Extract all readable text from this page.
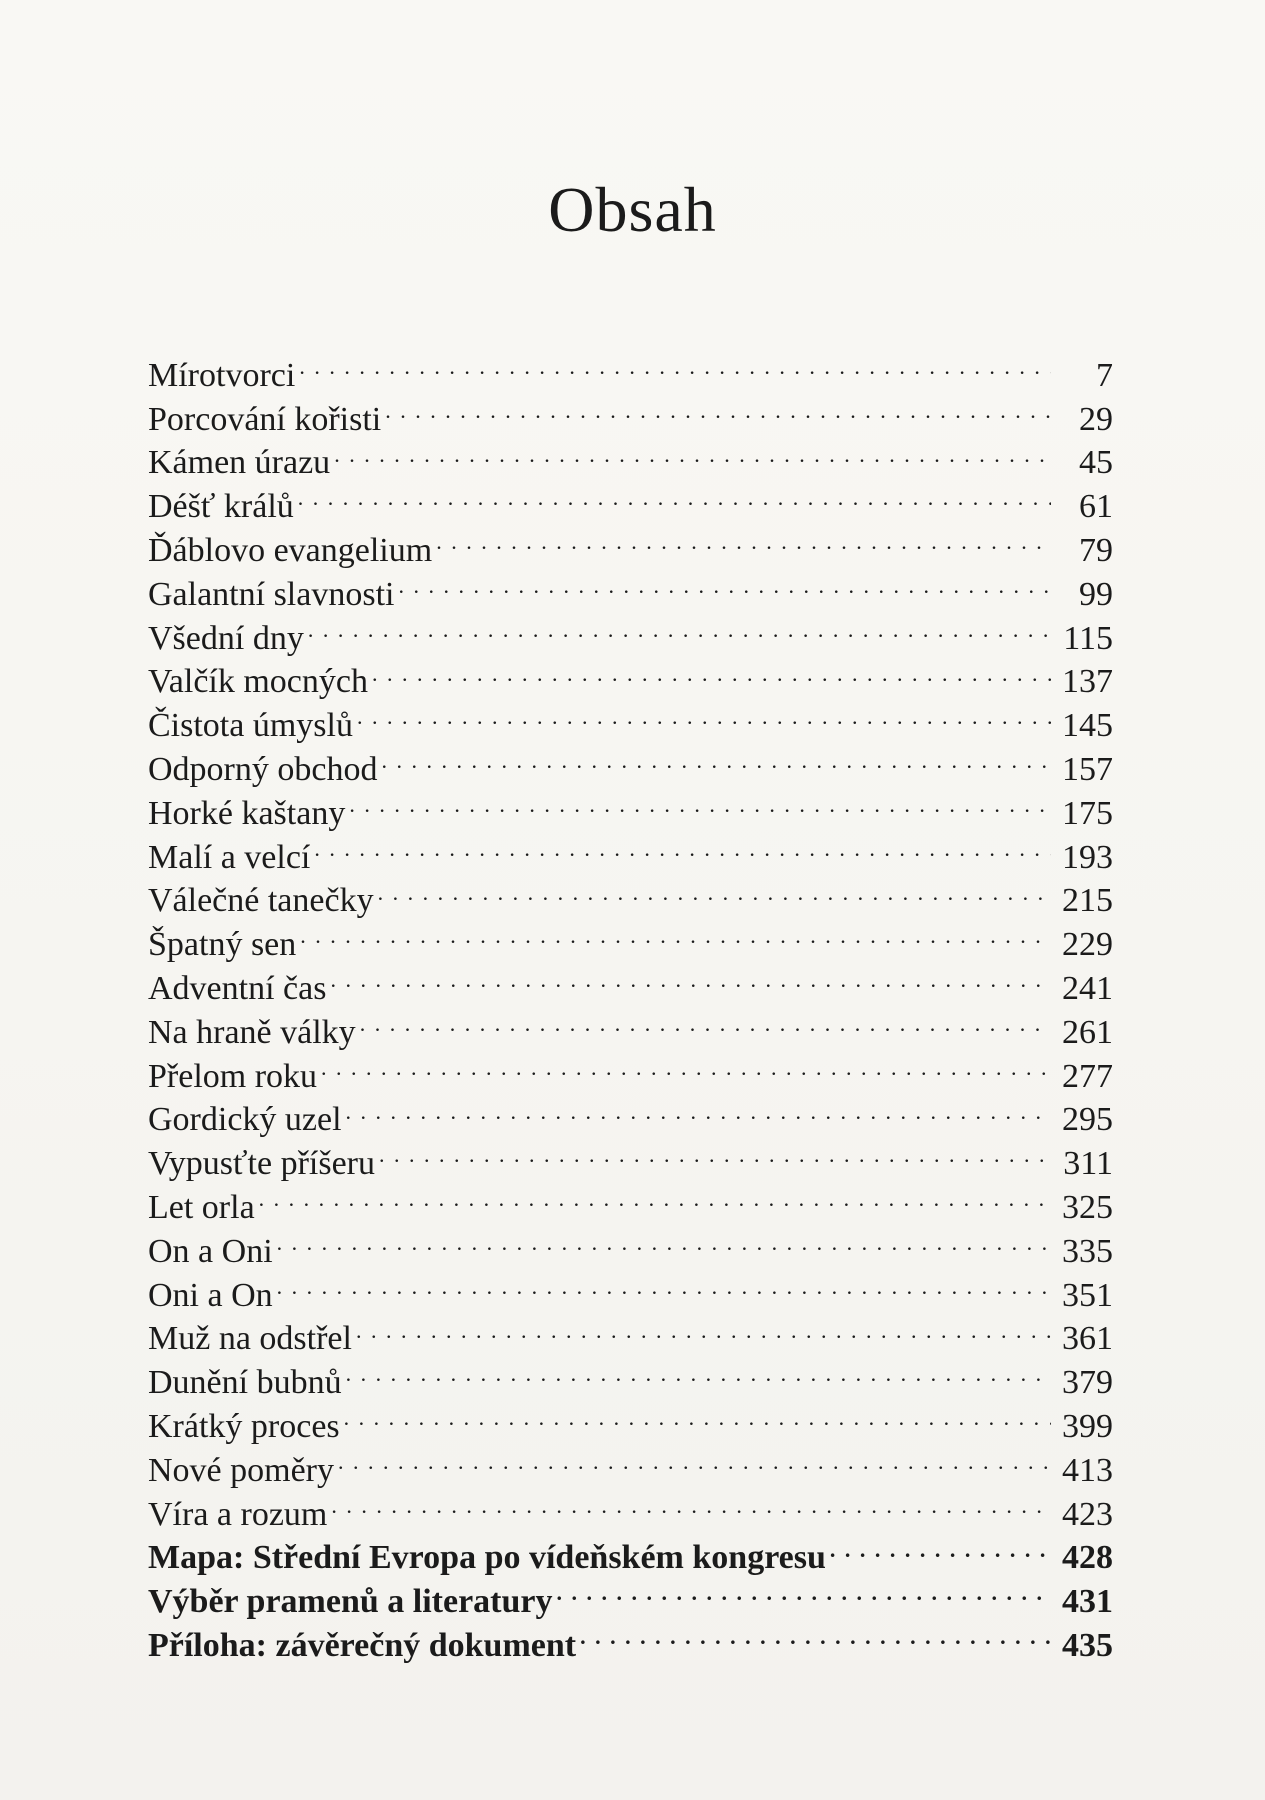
Obsah
Mírotvorci . . .	7
Porcování kořisti . . .	29
Kámen úrazu . . .	45
Déšť králů . . .	61
Ďáblovo evangelium . . .	79
Galantní slavnosti . . .	99
Všední dny . . .	115
Valčík mocných . . .	137
Čistota úmyslů . . .	145
Odporný obchod . . .	157
Horké kaštany . . .	175
Malí a velcí . . .	193
Válečné tanečky . . .	215
Špatný sen . . .	229
Adventní čas . . .	241
Na hraně války . . .	261
Přelom roku . . .	277
Gordický uzel . . .	295
Vypusťte příšeru . . .	311
Let orla . . .	325
On a Oni . . .	335
Oni a On . . .	351
Muž na odstřel . . .	361
Dunění bubnů . . .	379
Krátký proces . . .	399
Nové poměry . . .	413
Víra a rozum . . .	423
Mapa: Střední Evropa po vídeňském kongresu . . .	428
Výběr pramenů a literatury . . .	431
Příloha: závěrečný dokument . . .	435
